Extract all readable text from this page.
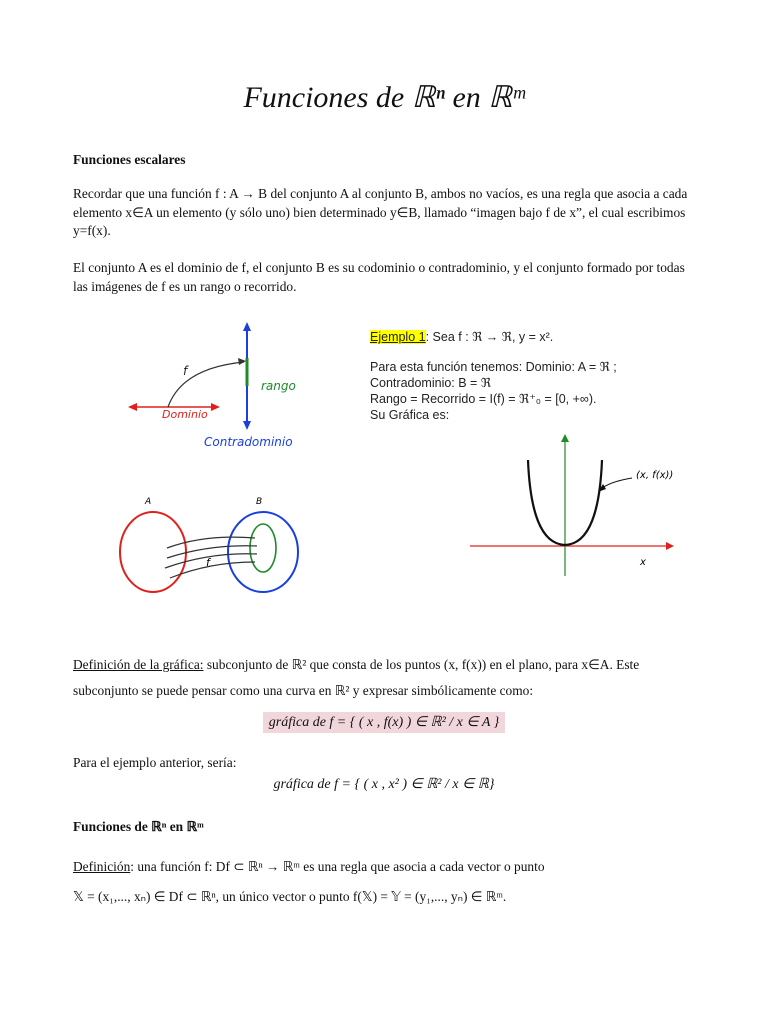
Funciones de ℝⁿ en ℝᵐ
Funciones escalares
Recordar que una función f : A → B del conjunto A al conjunto B, ambos no vacíos, es una regla que asocia a cada elemento x∈A un elemento (y sólo uno) bien determinado y∈B, llamado “imagen bajo f de x”, el cual escribimos y=f(x).
El conjunto A es el dominio de f, el conjunto B es su codominio o contradominio, y el conjunto formado por todas las imágenes de f es un rango o recorrido.
f
rango
Dominio
Contradominio
A	B
f
Ejemplo 1: Sea f : ℜ → ℜ, y = x².
Para esta función tenemos: Dominio: A = ℜ ;
Contradominio: B = ℜ
Rango = Recorrido = I(f) = ℜ⁺₀ = [0, +∞).
Su Gráfica es:
(x, f(x))
x
Definición de la gráfica: subconjunto de ℝ² que consta de los puntos (x, f(x)) en el plano, para x∈A. Este subconjunto se puede pensar como una curva en ℝ² y expresar simbólicamente como:
gráfica de f = { ( x , f(x) ) ∈ ℝ² / x ∈ A }
Para el ejemplo anterior, sería:
gráfica de f = { ( x , x² ) ∈ ℝ² / x ∈ ℝ}
Funciones de ℝⁿ en ℝᵐ
Definición: una función f: Df ⊂ ℝⁿ → ℝᵐ es una regla que asocia a cada vector o punto
𝕏 = (x₁,..., xₙ) ∈ Df ⊂ ℝⁿ, un único vector o punto f(𝕏) = 𝕐 = (y₁,..., yₙ) ∈ ℝᵐ.
